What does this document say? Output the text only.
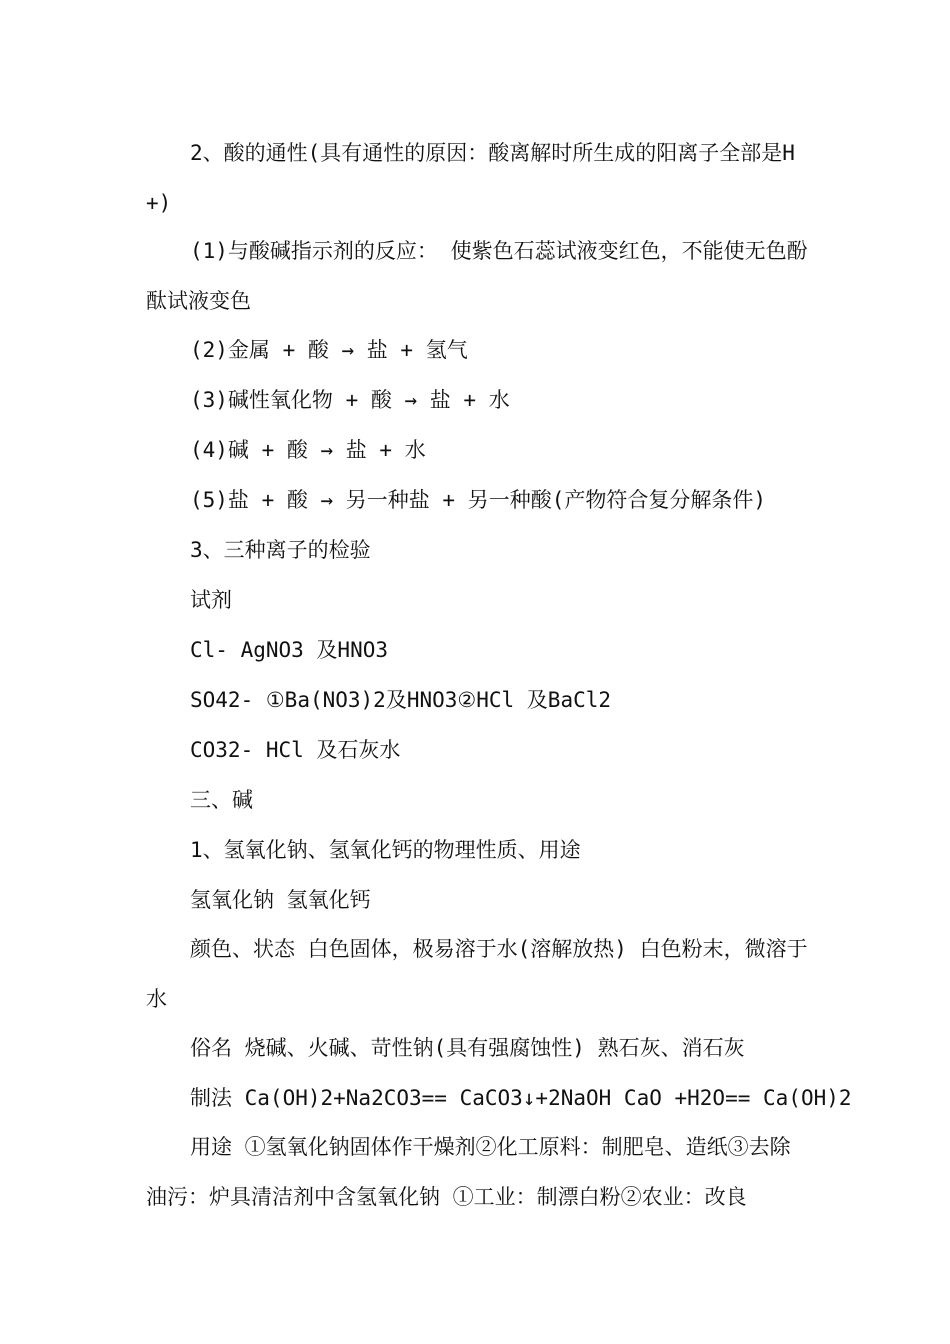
2、酸的通性(具有通性的原因：酸离解时所生成的阳离子全部是H+)

(1)与酸碱指示剂的反应： 使紫色石蕊试液变红色，不能使无色酚酞试液变色

(2)金属 + 酸 → 盐 + 氢气

(3)碱性氧化物 + 酸 → 盐 + 水

(4)碱 + 酸 → 盐 + 水

(5)盐 + 酸 → 另一种盐 + 另一种酸(产物符合复分解条件)

3、三种离子的检验

试剂

Cl- AgNO3 及HNO3

SO42- ①Ba(NO3)2及HNO3②HCl 及BaCl2

CO32- HCl 及石灰水

三、碱

1、氢氧化钠、氢氧化钙的物理性质、用途

氢氧化钠 氢氧化钙

颜色、状态 白色固体，极易溶于水(溶解放热) 白色粉末，微溶于水

俗名 烧碱、火碱、苛性钠(具有强腐蚀性) 熟石灰、消石灰

制法 Ca(OH)2+Na2CO3== CaCO3↓+2NaOH CaO +H2O== Ca(OH)2

用途 ①氢氧化钠固体作干燥剂②化工原料：制肥皂、造纸③去除油污：炉具清洁剂中含氢氧化钠 ①工业：制漂白粉②农业：改良
